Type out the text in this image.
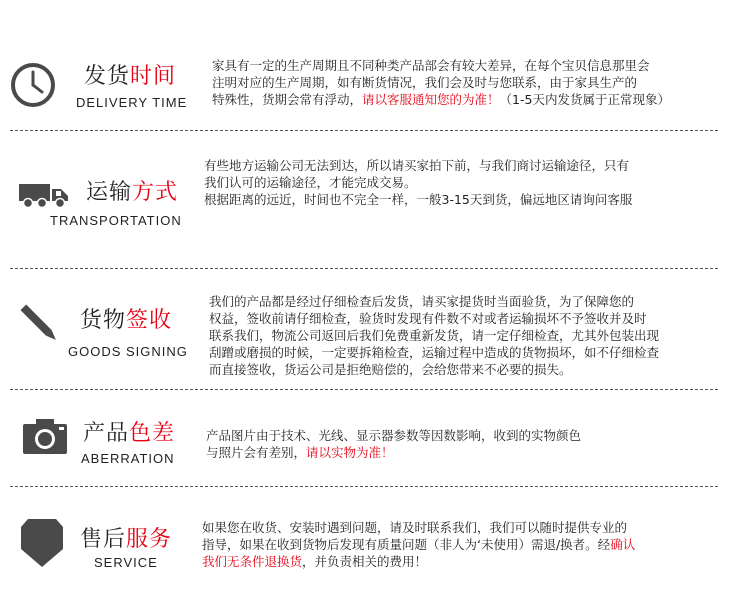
发货时间
DELIVERY TIME
家具有一定的生产周期且不同种类产品部会有较大差异，在每个宝贝信息那里会
注明对应的生产周期，如有断货情况，我们会及时与您联系，由于家具生产的
特殊性，货期会常有浮动，请以客服通知您的为准！（1-5天内发货属于正常现象）
运输方式
TRANSPORTATION
有些地方运输公司无法到达，所以请买家拍下前，与我们商讨运输途径，只有
我们认可的运输途径，才能完成交易。
根据距离的远近，时间也不完全一样，一般3-15天到货，偏远地区请询问客服
货物签收
GOODS SIGNING
我们的产品都是经过仔细检查后发货，请买家提货时当面验货，为了保障您的
权益，签收前请仔细检查，验货时发现有件数不对或者运输损坏不予签收并及时
联系我们，物流公司返回后我们免费重新发货，请一定仔细检查，尤其外包装出现
刮蹭或磨损的时候，一定要拆箱检查，运输过程中造成的货物损坏，如不仔细检查
而直接签收，货运公司是拒绝赔偿的，会给您带来不必要的损失。
产品色差
ABERRATION
产品图片由于技术、光线、显示器参数等因数影响，收到的实物颜色
与照片会有差别，请以实物为准！
售后服务
SERVICE
如果您在收货、安装时遇到问题，请及时联系我们，我们可以随时提供专业的
指导，如果在收到货物后发现有质量问题（非人为‘未使用）需退/换者。经确认
我们无条件退换货，并负责相关的费用！
